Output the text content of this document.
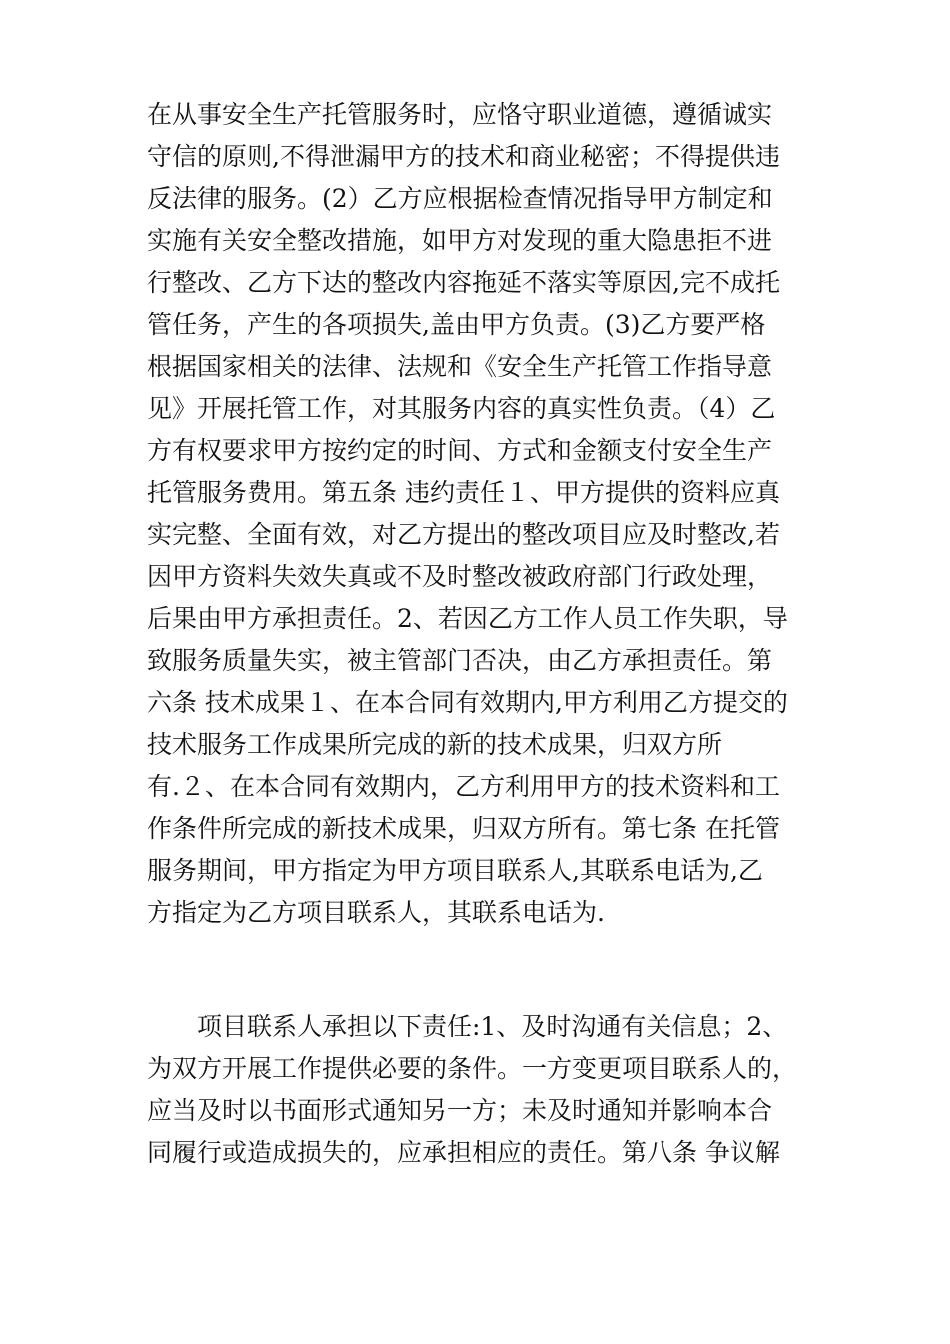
在从事安全生产托管服务时，应恪守职业道德，遵循诚实
守信的原则,不得泄漏甲方的技术和商业秘密；不得提供违
反法律的服务。(2）乙方应根据检查情况指导甲方制定和
实施有关安全整改措施，如甲方对发现的重大隐患拒不进
行整改、乙方下达的整改内容拖延不落实等原因,完不成托
管任务，产生的各项损失,盖由甲方负责。(3)乙方要严格
根据国家相关的法律、法规和《安全生产托管工作指导意
见》开展托管工作，对其服务内容的真实性负责。（4）乙
方有权要求甲方按约定的时间、方式和金额支付安全生产
托管服务费用。第五条 违约责任１、甲方提供的资料应真
实完整、全面有效，对乙方提出的整改项目应及时整改,若
因甲方资料失效失真或不及时整改被政府部门行政处理，
后果由甲方承担责任。2、若因乙方工作人员工作失职，导
致服务质量失实，被主管部门否决，由乙方承担责任。第
六条 技术成果１、在本合同有效期内,甲方利用乙方提交的
技术服务工作成果所完成的新的技术成果，归双方所
有.２、在本合同有效期内，乙方利用甲方的技术资料和工
作条件所完成的新技术成果，归双方所有。第七条 在托管
服务期间，甲方指定为甲方项目联系人,其联系电话为,乙
方指定为乙方项目联系人，其联系电话为.

项目联系人承担以下责任:1、及时沟通有关信息；2、
为双方开展工作提供必要的条件。一方变更项目联系人的，
应当及时以书面形式通知另一方；未及时通知并影响本合
同履行或造成损失的，应承担相应的责任。第八条 争议解
